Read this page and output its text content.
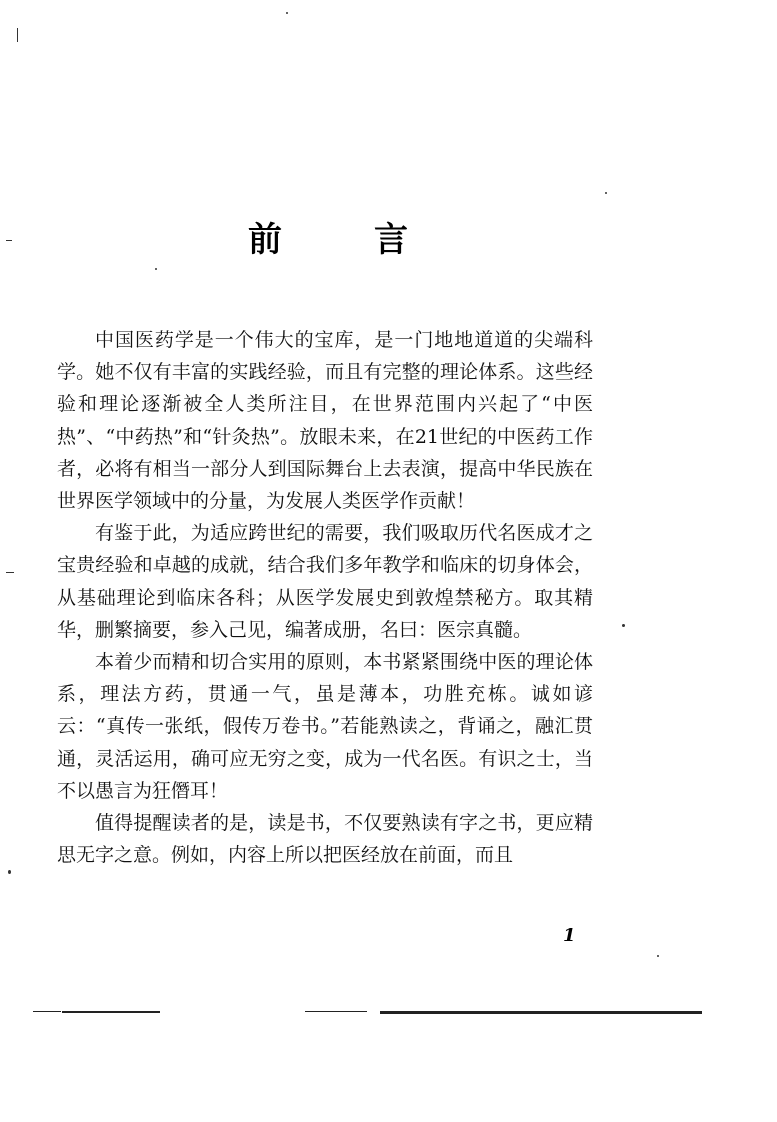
前	言

中国医药学是一个伟大的宝库，是一门地地道道的尖端科学。她不仅有丰富的实践经验，而且有完整的理论体系。这些经验和理论逐渐被全人类所注目，在世界范围内兴起了“中医热”、“中药热”和“针灸热”。放眼未来，在21世纪的中医药工作者，必将有相当一部分人到国际舞台上去表演，提高中华民族在世界医学领域中的分量，为发展人类医学作贡献！

有鉴于此，为适应跨世纪的需要，我们吸取历代名医成才之宝贵经验和卓越的成就，结合我们多年教学和临床的切身体会，从基础理论到临床各科；从医学发展史到敦煌禁秘方。取其精华，删繁摘要，参入己见，编著成册，名曰：医宗真髓。

本着少而精和切合实用的原则，本书紧紧围绕中医的理论体系，理法方药，贯通一气，虽是薄本，功胜充栋。诚如谚云：“真传一张纸，假传万卷书。”若能熟读之，背诵之，融汇贯通，灵活运用，确可应无穷之变，成为一代名医。有识之士，当不以愚言为狂僭耳！

值得提醒读者的是，读是书，不仅要熟读有字之书，更应精思无字之意。例如，内容上所以把医经放在前面，而且

1
